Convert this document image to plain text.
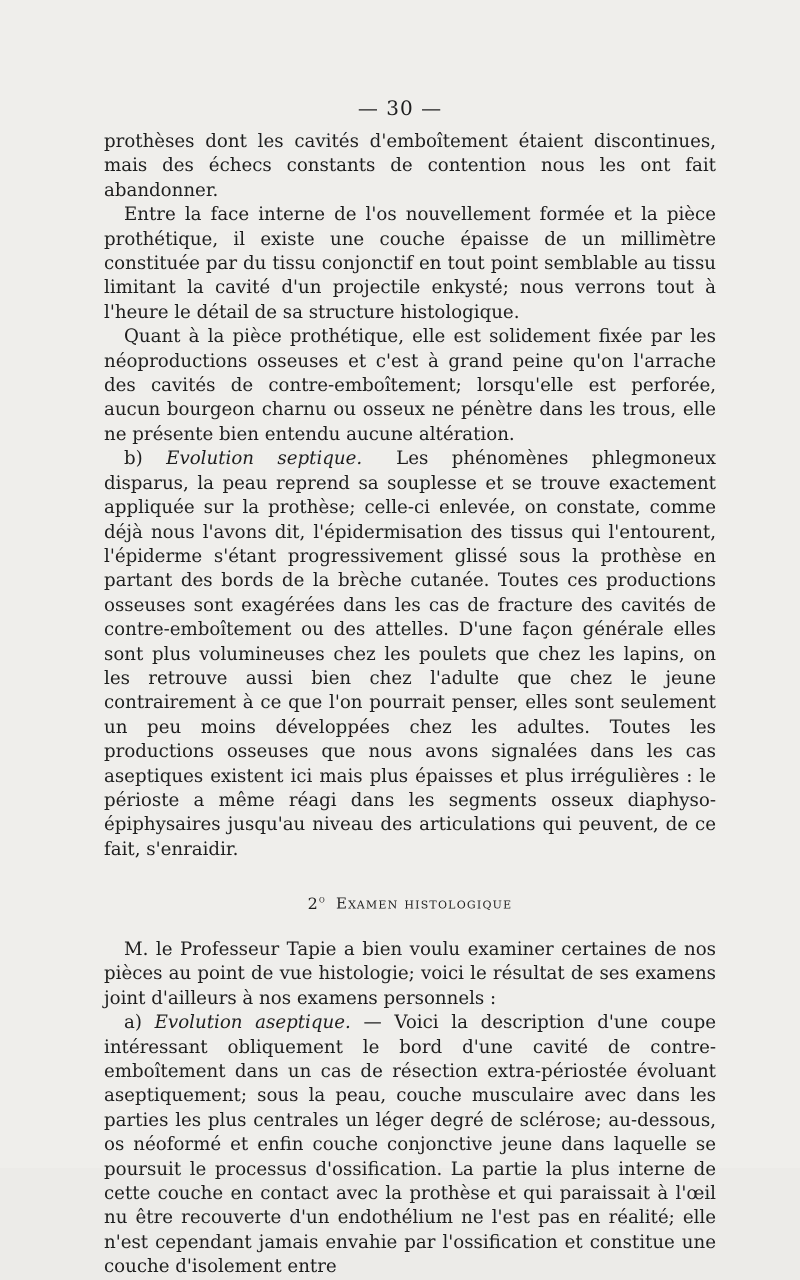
— 30 —

prothèses dont les cavités d'emboîtement étaient discontinues, mais des échecs constants de contention nous les ont fait abandonner.

Entre la face interne de l'os nouvellement formée et la pièce prothétique, il existe une couche épaisse de un millimètre constituée par du tissu conjonctif en tout point semblable au tissu limitant la cavité d'un projectile enkysté; nous verrons tout à l'heure le détail de sa structure histologique.

Quant à la pièce prothétique, elle est solidement fixée par les néoproductions osseuses et c'est à grand peine qu'on l'arrache des cavités de contre-emboîtement; lorsqu'elle est perforée, aucun bourgeon charnu ou osseux ne pénètre dans les trous, elle ne présente bien entendu aucune altération.

b) Evolution septique. Les phénomènes phlegmoneux disparus, la peau reprend sa souplesse et se trouve exactement appliquée sur la prothèse; celle-ci enlevée, on constate, comme déjà nous l'avons dit, l'épidermisation des tissus qui l'entourent, l'épiderme s'étant progressivement glissé sous la prothèse en partant des bords de la brèche cutanée. Toutes ces productions osseuses sont exagérées dans les cas de fracture des cavités de contre-emboîtement ou des attelles. D'une façon générale elles sont plus volumineuses chez les poulets que chez les lapins, on les retrouve aussi bien chez l'adulte que chez le jeune contrairement à ce que l'on pourrait penser, elles sont seulement un peu moins développées chez les adultes. Toutes les productions osseuses que nous avons signalées dans les cas aseptiques existent ici mais plus épaisses et plus irrégulières : le périoste a même réagi dans les segments osseux diaphyso-épiphysaires jusqu'au niveau des articulations qui peuvent, de ce fait, s'enraidir.

2$^o$ Examen histologique

M. le Professeur Tapie a bien voulu examiner certaines de nos pièces au point de vue histologie; voici le résultat de ses examens joint d'ailleurs à nos examens personnels :

a) Evolution aseptique. — Voici la description d'une coupe intéressant obliquement le bord d'une cavité de contre-emboîtement dans un cas de résection extra-périostée évoluant aseptiquement; sous la peau, couche musculaire avec dans les parties les plus centrales un léger degré de sclérose; au-dessous, os néoformé et enfin couche conjonctive jeune dans laquelle se poursuit le processus d'ossification. La partie la plus interne de cette couche en contact avec la prothèse et qui paraissait à l'œil nu être recouverte d'un endothélium ne l'est pas en réalité; elle n'est cependant jamais envahie par l'ossification et constitue une couche d'isolement entre
